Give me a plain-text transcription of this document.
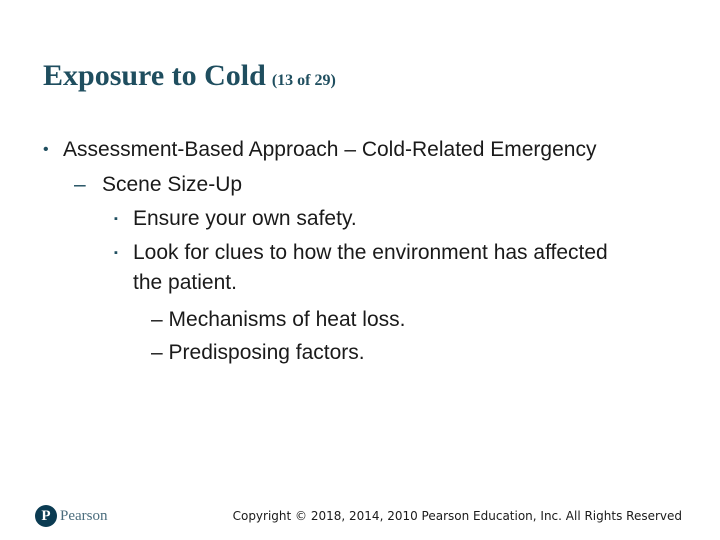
Exposure to Cold (13 of 29)
• Assessment-Based Approach – Cold-Related Emergency
– Scene Size-Up
▪ Ensure your own safety.
▪ Look for clues to how the environment has affected
the patient.
– Mechanisms of heat loss.
– Predisposing factors.
P Pearson	Copyright © 2018, 2014, 2010 Pearson Education, Inc. All Rights Reserved
